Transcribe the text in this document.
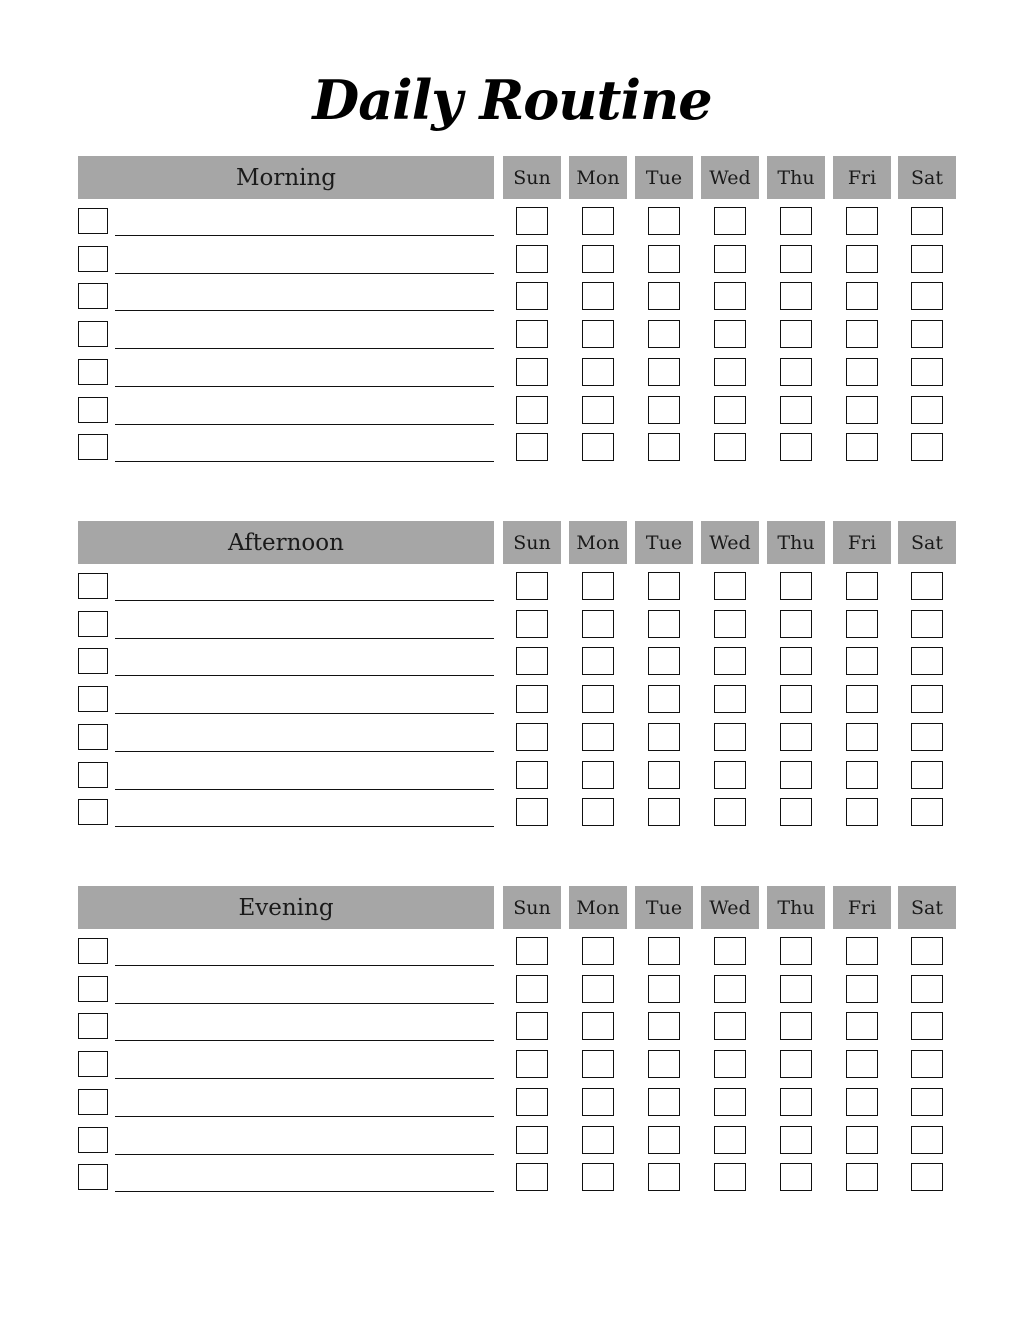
Daily Routine
Morning	Sun	Mon	Tue	Wed	Thu	Fri	Sat
Afternoon	Sun	Mon	Tue	Wed	Thu	Fri	Sat
Evening	Sun	Mon	Tue	Wed	Thu	Fri	Sat
